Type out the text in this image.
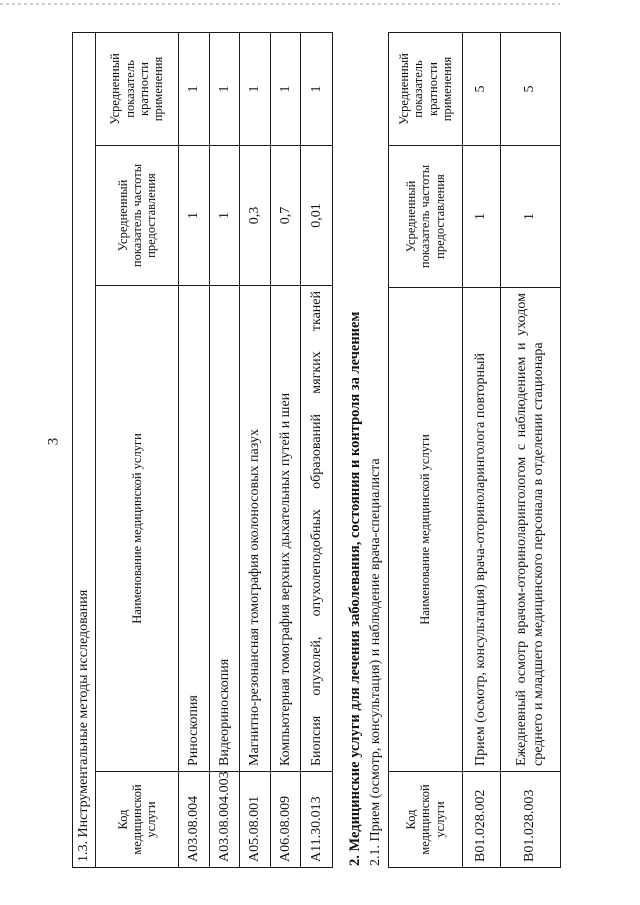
3
1.3. Инструментальные методы исследования			
Код медицинской услуги	Наименование медицинской услуги	Усредненный показатель частоты предоставления	Усредненный показатель кратности применения
A03.08.004	Риноскопия	1	1
A03.08.004.003	Видеориноскопия	1	1
A05.08.001	Магнитно-резонансная томография околоносовых пазух	0,3	1
A06.08.009	Компьютерная томография верхних дыхательных путей и шеи	0,7	1
A11.30.013	Биопсия опухолей, опухолеподобных образований мягких тканей	0,01	1
2. Медицинские услуги для лечения заболевания, состояния и контроля за лечением 2.1. Прием (осмотр, консультация) и наблюдение врача-специалиста Код медицинской услуги	Наименование медицинской услуги	Усредненный показатель частоты предоставления	Усредненный показатель кратности применения
B01.028.002	Прием (осмотр, консультация) врача-оториноларинголога повторный	1	5
B01.028.003	Ежедневный осмотр врачом-оториноларингологом с наблюдением и уходом среднего и младшего медицинского персонала в отделении стационара	1	5
